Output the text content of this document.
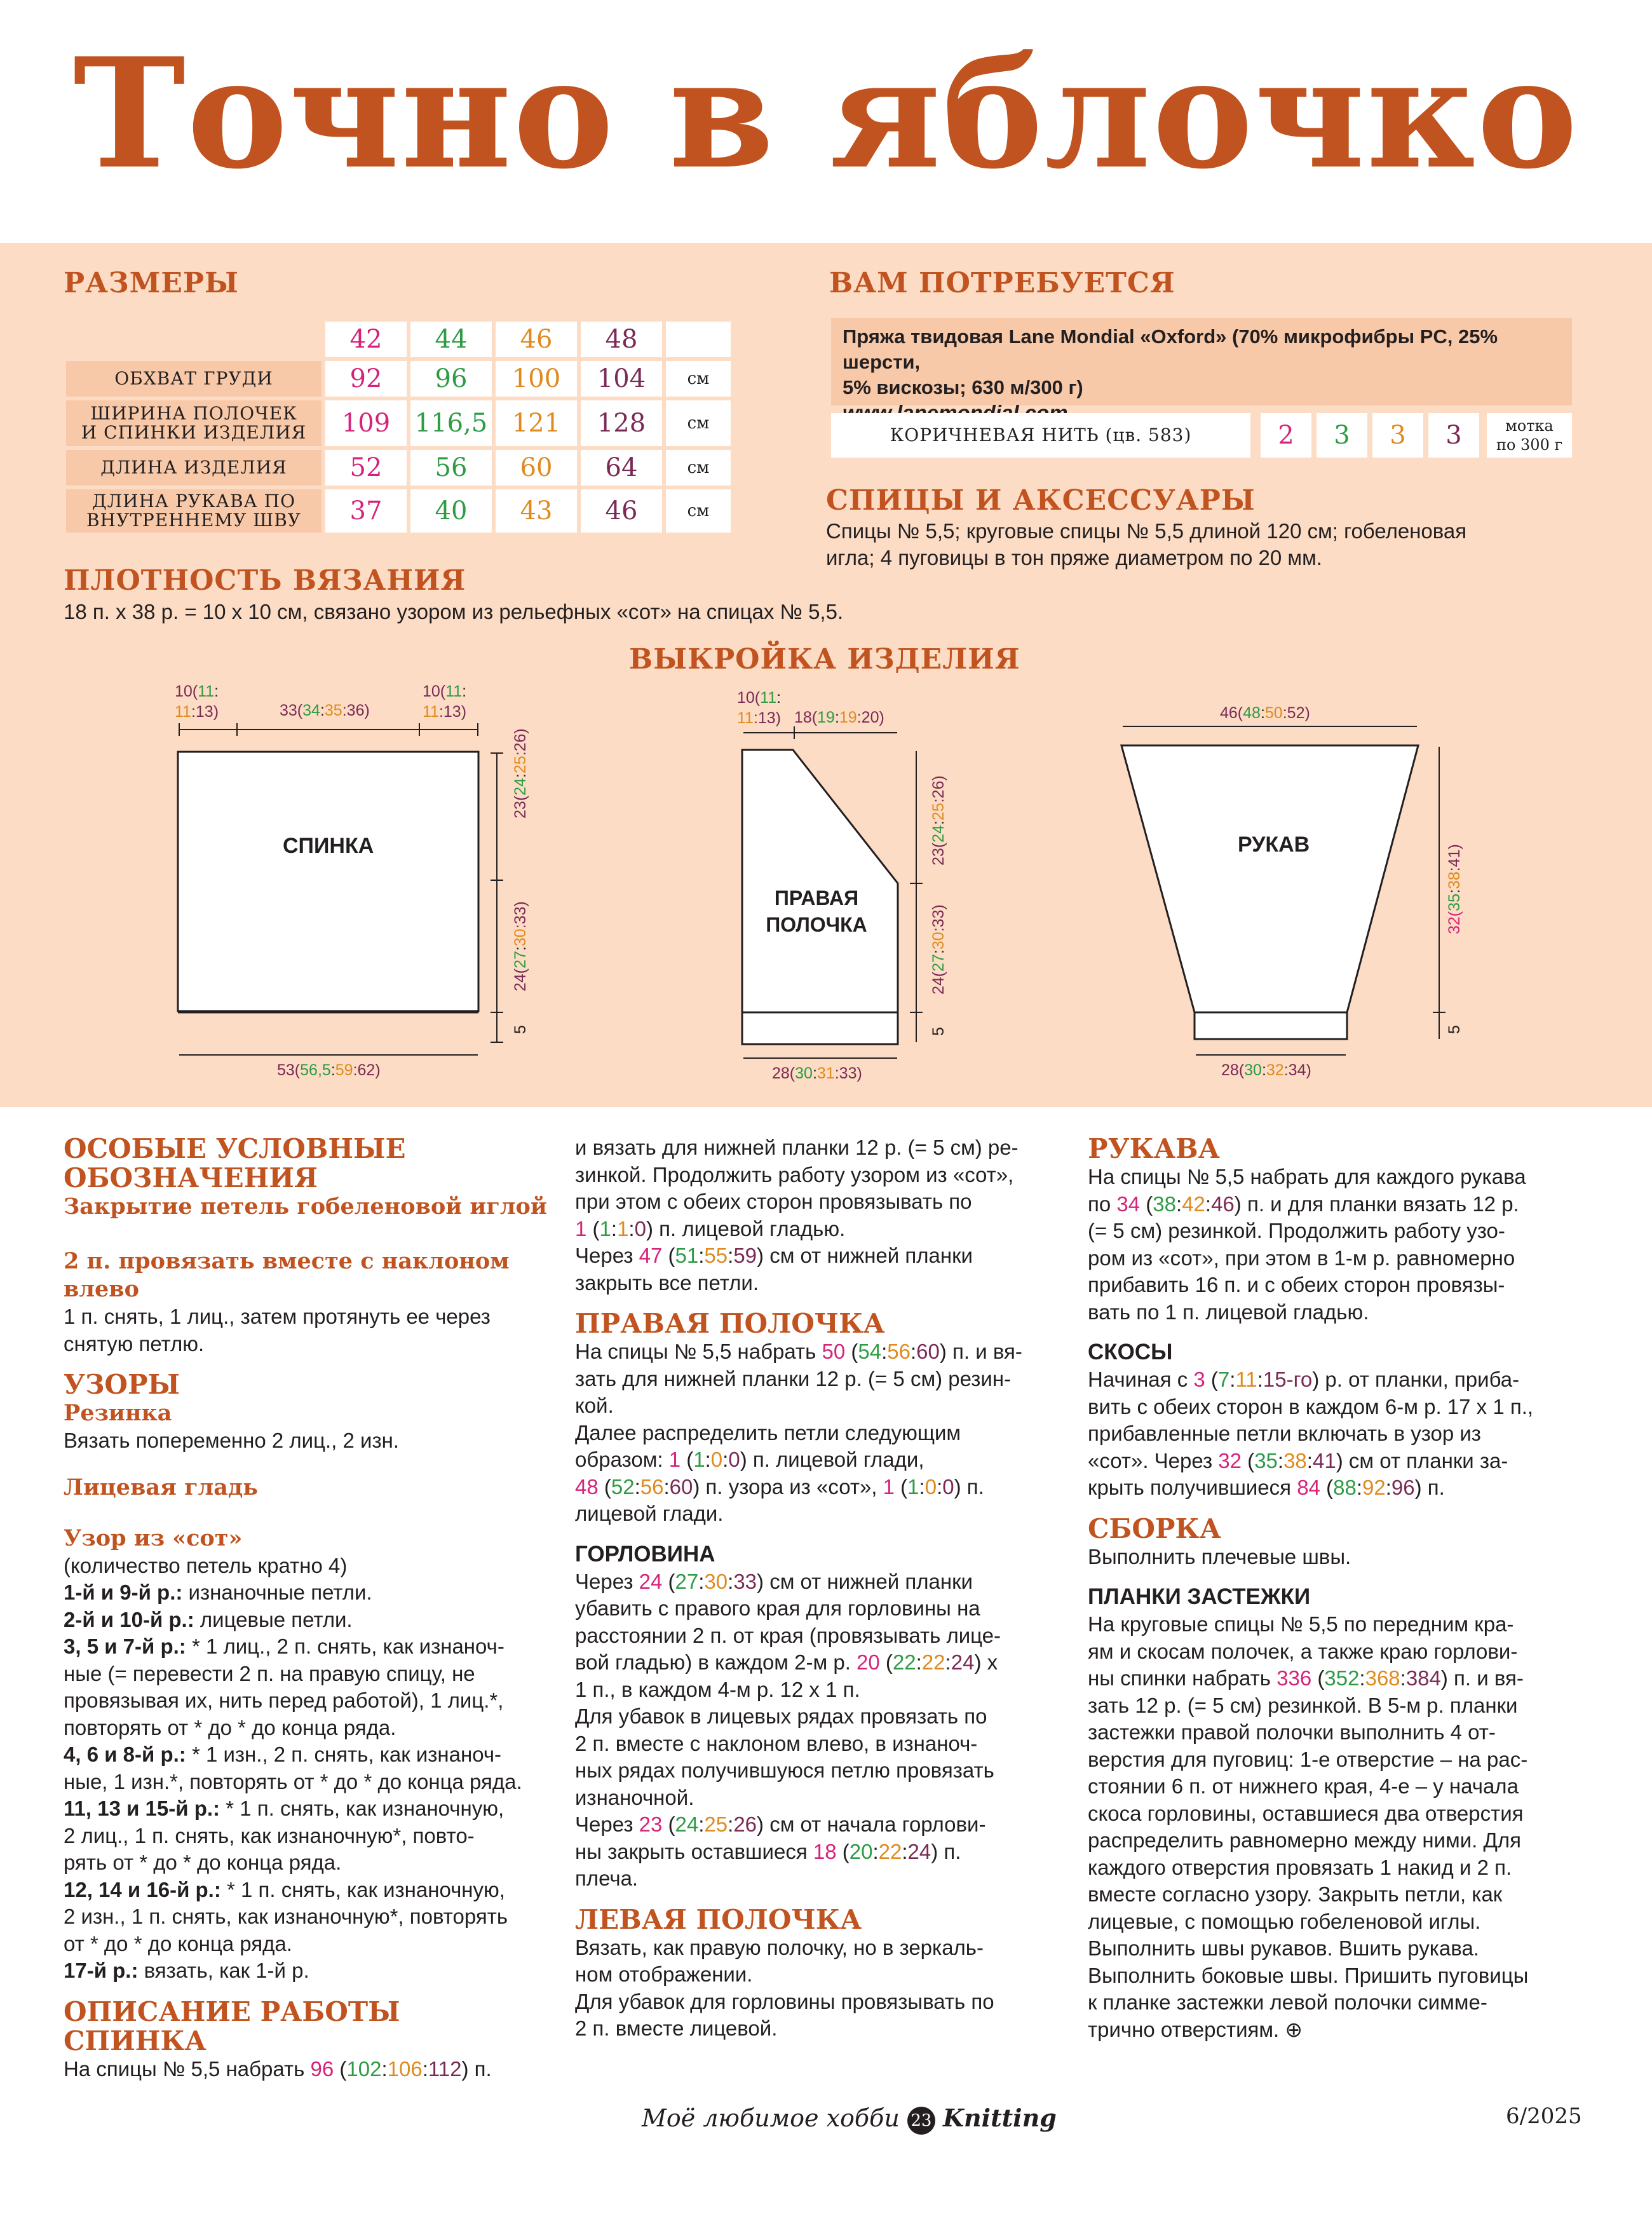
Точно в яблочко
РАЗМЕРЫ
	42	44	46	48	
ОБХВАТ ГРУДИ	92	96	100	104	см
ШИРИНА ПОЛОЧЕК
И СПИНКИ ИЗДЕЛИЯ	109	116,5	121	128	см
ДЛИНА ИЗДЕЛИЯ	52	56	60	64	см
ДЛИНА РУКАВА ПО
ВНУТРЕННЕМУ ШВУ	37	40	43	46	см
ВАМ ПОТРЕБУЕТСЯ
Пряжа твидовая Lane Mondial «Oxford» (70% микрофибры PC, 25% шерсти,
5% вискозы; 630 м/300 г)
КОРИЧНЕВАЯ НИТЬ (цв. 583)	2	3	3	3	мотка
по 300 г
СПИЦЫ И АКСЕССУАРЫ
Спицы № 5,5; круговые спицы № 5,5 длиной 120 см; гобеленовая
игла; 4 пуговицы в тон пряже диаметром по 20 мм.
ПЛОТНОСТЬ ВЯЗАНИЯ
18 п. х 38 р. = 10 х 10 см, связано узором из рельефных «сот» на спицах № 5,5.
ВЫКРОЙКА ИЗДЕЛИЯ
10(11:
11:13)	33(34:35:36)
10(11:
11:13)
СПИНКА
53(56,5:59:62)
23(24:25:26)
24(27:30:33)
5
10(11:
11:13) 18(19:19:20)
ПРАВАЯ
ПОЛОЧКА
28(30:31:33)
23(24:25:26)
24(27:30:33)
5
46(48:50:52)
РУКАВ
32(35:38:41)
5
28(30:32:34)

ОСОБЫЕ УСЛОВНЫЕ

ОБОЗНАЧЕНИЯ

Закрытие петель гобеленовой иглой

2 п. провязать вместе с наклоном влево

1 п. снять, 1 лиц., затем протянуть ее через

снятую петлю.

УЗОРЫ

Резинка

Вязать попеременно 2 лиц., 2 изн.

Лицевая гладь

Узор из «сот»

(количество петель кратно 4)

1-й и 9-й р.: изнаночные петли.

2-й и 10-й р.: лицевые петли.

3, 5 и 7-й р.: * 1 лиц., 2 п. снять, как изнаноч-

ные (= перевести 2 п. на правую спицу, не

провязывая их, нить перед работой), 1 лиц.*,

повторять от * до * до конца ряда.

4, 6 и 8-й р.: * 1 изн., 2 п. снять, как изнаноч-

ные, 1 изн.*, повторять от * до * до конца ряда.

11, 13 и 15-й р.: * 1 п. снять, как изнаночную,

2 лиц., 1 п. снять, как изнаночную*, повто-

рять от * до * до конца ряда.

12, 14 и 16-й р.: * 1 п. снять, как изнаночную,

2 изн., 1 п. снять, как изнаночную*, повторять

от * до * до конца ряда.

17-й р.: вязать, как 1-й р.

ОПИСАНИЕ РАБОТЫ

СПИНКА

На спицы № 5,5 набрать 96 (102:106:112) п.

и вязать для нижней планки 12 р. (= 5 см) ре-

зинкой. Продолжить работу узором из «сот»,

при этом с обеих сторон провязывать по

1 (1:1:0) п. лицевой гладью.

Через 47 (51:55:59) см от нижней планки

закрыть все петли.

ПРАВАЯ ПОЛОЧКА

На спицы № 5,5 набрать 50 (54:56:60) п. и вя-

зать для нижней планки 12 р. (= 5 см) резин-

кой.

Далее распределить петли следующим

образом: 1 (1:0:0) п. лицевой глади,

48 (52:56:60) п. узора из «сот», 1 (1:0:0) п.

лицевой глади.

ГОРЛОВИНА

Через 24 (27:30:33) см от нижней планки

убавить с правого края для горловины на

расстоянии 2 п. от края (провязывать лице-

вой гладью) в каждом 2-м р. 20 (22:22:24) х

1 п., в каждом 4-м р. 12 х 1 п.

Для убавок в лицевых рядах провязать по

2 п. вместе с наклоном влево, в изнаноч-

ных рядах получившуюся петлю провязать

изнаночной.

Через 23 (24:25:26) см от начала горлови-

ны закрыть оставшиеся 18 (20:22:24) п.

плеча.

ЛЕВАЯ ПОЛОЧКА

Вязать, как правую полочку, но в зеркаль-

ном отображении.

Для убавок для горловины провязывать по

2 п. вместе лицевой.

РУКАВА

На спицы № 5,5 набрать для каждого рукава

по 34 (38:42:46) п. и для планки вязать 12 р.

(= 5 см) резинкой. Продолжить работу узо-

ром из «сот», при этом в 1-м р. равномерно

прибавить 16 п. и с обеих сторон провязы-

вать по 1 п. лицевой гладью.

СКОСЫ

Начиная с 3 (7:11:15-го) р. от планки, приба-

вить с обеих сторон в каждом 6-м р. 17 х 1 п.,

прибавленные петли включать в узор из

«сот». Через 32 (35:38:41) см от планки за-

крыть получившиеся 84 (88:92:96) п.

СБОРКА

Выполнить плечевые швы.

ПЛАНКИ ЗАСТЕЖКИ

На круговые спицы № 5,5 по передним кра-

ям и скосам полочек, а также краю горлови-

ны спинки набрать 336 (352:368:384) п. и вя-

зать 12 р. (= 5 см) резинкой. В 5-м р. планки

застежки правой полочки выполнить 4 от-

верстия для пуговиц: 1-е отверстие – на рас-

стоянии 6 п. от нижнего края, 4-е – у начала

скоса горловины, оставшиеся два отверстия

распределить равномерно между ними. Для

каждого отверстия провязать 1 накид и 2 п.

вместе согласно узору. Закрыть петли, как

лицевые, с помощью гобеленовой иглы.

Выполнить швы рукавов. Вшить рукава.

Выполнить боковые швы. Пришить пуговицы

к планке застежки левой полочки симме-

трично отверстиям. ⊕

Моё любимое хобби 23 Knitting	6/2025
